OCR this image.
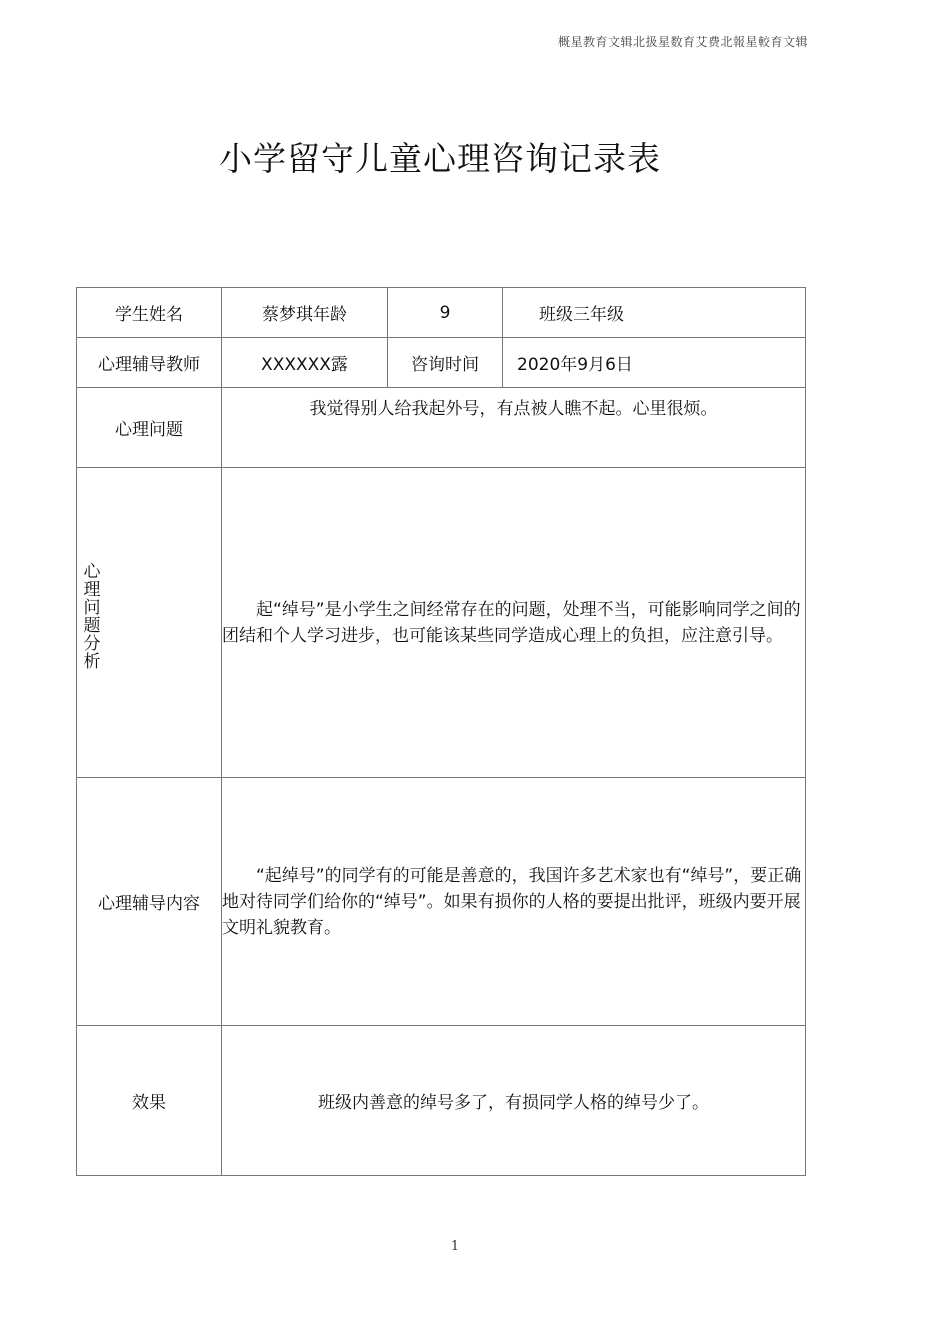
概星教育文辑北扱星数育艾费北報星較育文辑
小学留守儿童心理咨询记录表
学生姓名	蔡梦琪年龄	9	班级三年级
心理辅导教师	XXXXXX露	咨询时间	2020年9月6日
心理问题	我觉得别人给我起外号，有点被人瞧不起。心里很烦。		

心理问题分析	起“绰号”是小学生之间经常存在的问题，处理不当，可能影响同学之间的团结和个人学习进步，也可能该某些同学造成心理上的负担，应注意引导。		
心理辅导内容	“起绰号”的同学有的可能是善意的，我国许多艺术家也有“绰号”，要正确地对待同学们给你的“绰号”。如果有损你的人格的要提出批评，班级内要开展文明礼貌教育。		
效果	班级内善意的绰号多了，有损同学人格的绰号少了。		
1
